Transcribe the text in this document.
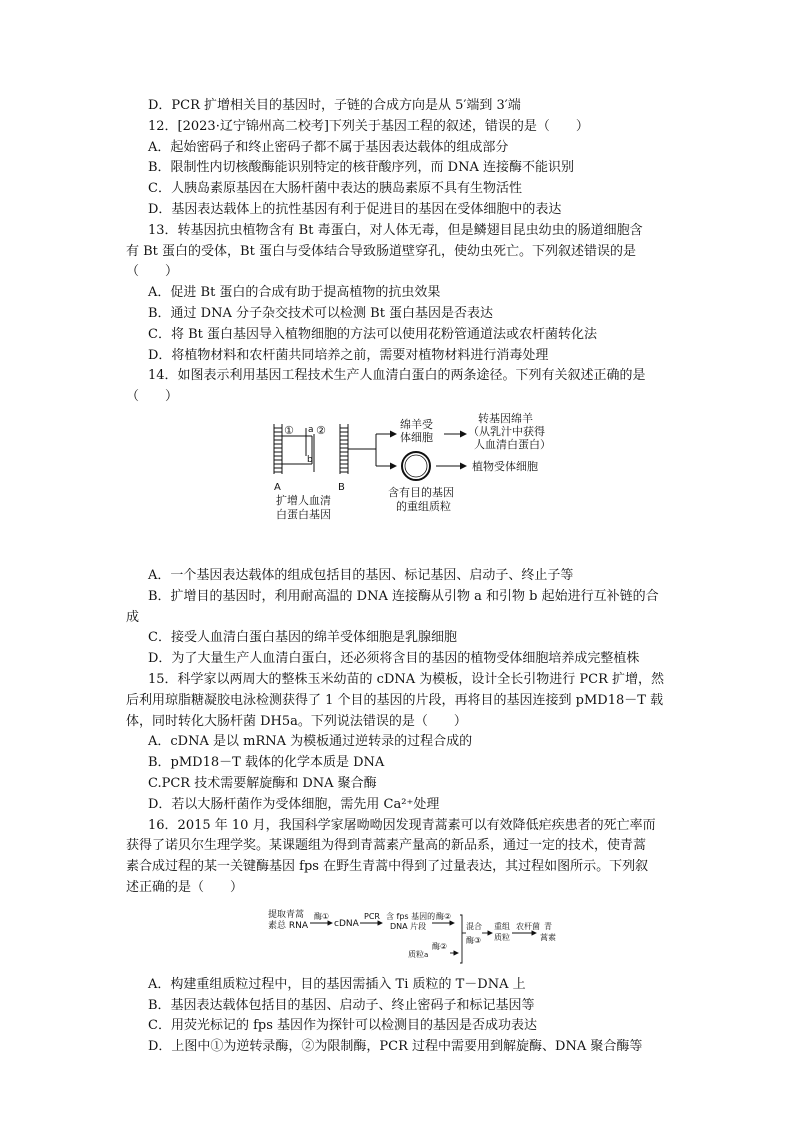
D．PCR 扩增相关目的基因时，子链的合成方向是从 5′端到 3′端
12．[2023·辽宁锦州高二校考]下列关于基因工程的叙述，错误的是（　　）
A．起始密码子和终止密码子都不属于基因表达载体的组成部分
B．限制性内切核酸酶能识别特定的核苷酸序列，而 DNA 连接酶不能识别
C．人胰岛素原基因在大肠杆菌中表达的胰岛素原不具有生物活性
D．基因表达载体上的抗性基因有利于促进目的基因在受体细胞中的表达
13．转基因抗虫植物含有 Bt 毒蛋白，对人体无毒，但是鳞翅目昆虫幼虫的肠道细胞含
有 Bt 蛋白的受体，Bt 蛋白与受体结合导致肠道壁穿孔，使幼虫死亡。下列叙述错误的是
（　　）
A．促进 Bt 蛋白的合成有助于提高植物的抗虫效果
B．通过 DNA 分子杂交技术可以检测 Bt 蛋白基因是否表达
C．将 Bt 蛋白基因导入植物细胞的方法可以使用花粉管通道法或农杆菌转化法
D．将植物材料和农杆菌共同培养之前，需要对植物材料进行消毒处理
14．如图表示利用基因工程技术生产人血清白蛋白的两条途径。下列有关叙述正确的是
（　　）
① a ②
b
A	B
扩增人血清
白蛋白基因
绵羊受
体细胞
含有目的基因
的重组质粒
转基因绵羊
（从乳汁中获得
人血清白蛋白）
植物受体细胞
A．一个基因表达载体的组成包括目的基因、标记基因、启动子、终止子等
B．扩增目的基因时，利用耐高温的 DNA 连接酶从引物 a 和引物 b 起始进行互补链的合
成
C．接受人血清白蛋白基因的绵羊受体细胞是乳腺细胞
D．为了大量生产人血清白蛋白，还必须将含目的基因的植物受体细胞培养成完整植株
15．科学家以两周大的整株玉米幼苗的 cDNA 为模板，设计全长引物进行 PCR 扩增，然
后利用琼脂糖凝胶电泳检测获得了 1 个目的基因的片段，再将目的基因连接到 pMD18－T 载
体，同时转化大肠杆菌 DH5a。下列说法错误的是（　　）
A．cDNA 是以 mRNA 为模板通过逆转录的过程合成的
B．pMD18－T 载体的化学本质是 DNA
C.PCR 技术需要解旋酶和 DNA 聚合酶
D．若以大肠杆菌作为受体细胞，需先用 Ca²⁺处理
16．2015 年 10 月，我国科学家屠呦呦因发现青蒿素可以有效降低疟疾患者的死亡率而
获得了诺贝尔生理学奖。某课题组为得到青蒿素产量高的新品系，通过一定的技术，使青蒿
素合成过程的某一关键酶基因 fps 在野生青蒿中得到了过量表达，其过程如图所示。下列叙
述正确的是（　　）
提取青蒿
素总 RNA
酶①
cDNA
PCR 含 fps 基因的
DNA 片段
酶②
混合
酶③
重组
质粒
农杆菌 青
蒿素
质粒 a
酶②
A．构建重组质粒过程中，目的基因需插入 Ti 质粒的 T－DNA 上
B．基因表达载体包括目的基因、启动子、终止密码子和标记基因等
C．用荧光标记的 fps 基因作为探针可以检测目的基因是否成功表达
D．上图中①为逆转录酶，②为限制酶，PCR 过程中需要用到解旋酶、DNA 聚合酶等
